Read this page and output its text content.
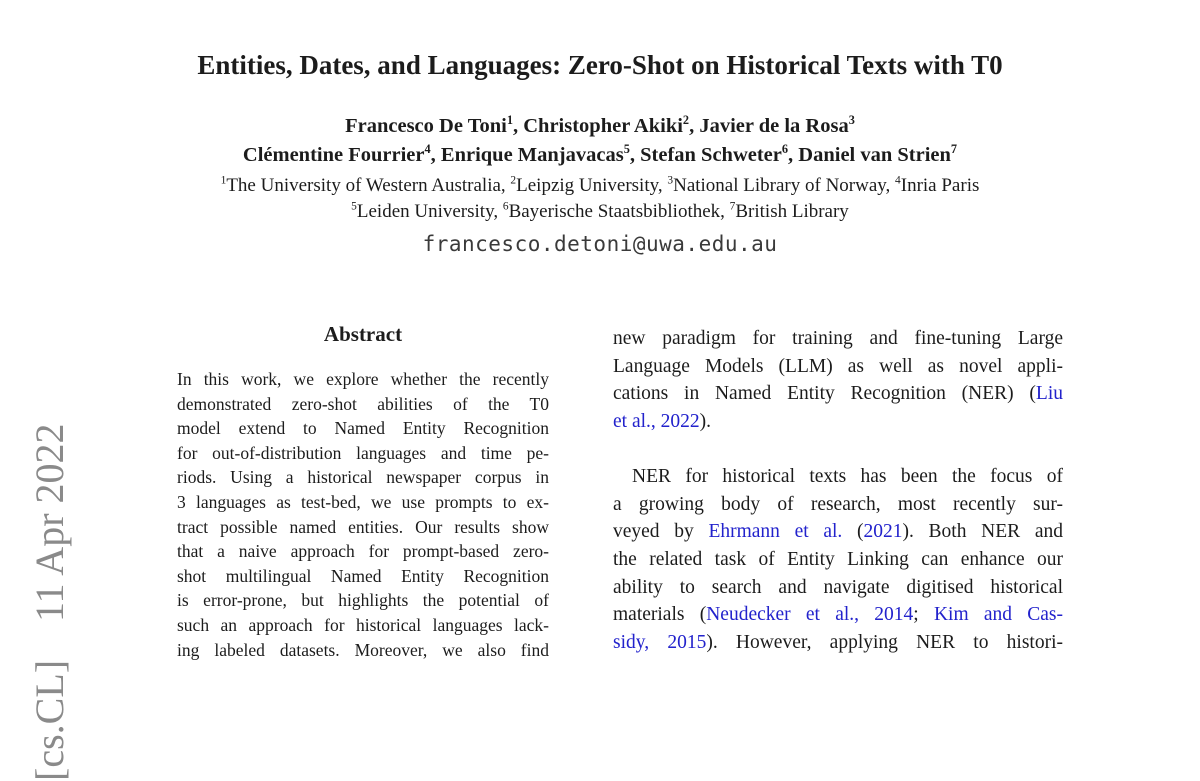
11 Apr 2022
[cs.CL]
Entities, Dates, and Languages: Zero-Shot on Historical Texts with T0
Francesco De Toni$^1$, Christopher Akiki$^2$, Javier de la Rosa$^3$
Clémentine Fourrier$^4$, Enrique Manjavacas$^5$, Stefan Schweter$^6$, Daniel van Strien$^7$
$^1$The University of Western Australia, $^2$Leipzig University, $^3$National Library of Norway, $^4$Inria Paris
$^5$Leiden University, $^6$Bayerische Staatsbibliothek, $^7$British Library
francesco.detoni@uwa.edu.au
Abstract
In this work, we explore whether the recently
demonstrated zero-shot abilities of the T0
model extend to Named Entity Recognition
for out-of-distribution languages and time pe-
riods. Using a historical newspaper corpus in
3 languages as test-bed, we use prompts to ex-
tract possible named entities. Our results show
that a naive approach for prompt-based zero-
shot multilingual Named Entity Recognition
is error-prone, but highlights the potential of
such an approach for historical languages lack-
ing labeled datasets. Moreover, we also find
new paradigm for training and fine-tuning Large
Language Models (LLM) as well as novel appli-
cations in Named Entity Recognition (NER) (Liu
et al., 2022).
NER for historical texts has been the focus of
a growing body of research, most recently sur-
veyed by Ehrmann et al. (2021). Both NER and
the related task of Entity Linking can enhance our
ability to search and navigate digitised historical
materials (Neudecker et al., 2014; Kim and Cas-
sidy, 2015). However, applying NER to histori-
